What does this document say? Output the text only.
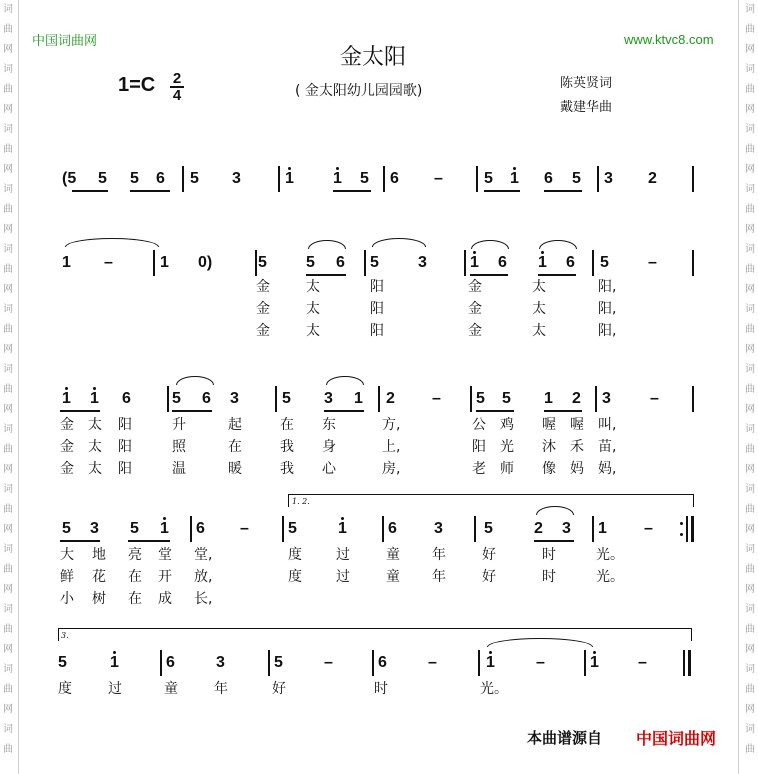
词
曲
网
词
曲
网
词
曲
网
词
曲
网
词
曲
网
词
曲
网
词
曲
网
词
曲
网
词
曲
网
词
曲
网
词
曲
网
词
曲
网
词
曲
词
曲
网
词
曲
网
词
曲
网
词
曲
网
词
曲
网
词
曲
网
词
曲
网
词
曲
网
词
曲
网
词
曲
网
词
曲
网
词
曲
网
词
曲
中国词曲网	www.ktvc8.com
金太阳
( 金太阳幼儿园园歌)	陈英贤词
戴建华曲
1=C 2
4
(5 5 5 6 5 3	1 1 5 6 –	5 1 6 5 3 2
1 –	1 0)	5 5 6 5 3	1 6 1 6 5 –
金	太	阳	金	太	阳,
金	太	阳	金	太	阳,
金	太	阳	金	太	阳,
1 1 6	5 6 3	5 3 1 2 – 5 5 1 2 3 –
金 太 阳	升	起	在 东	方,	公 鸡 喔 喔 叫,
金 太 阳	照	在	我 身	上,	阳 光 沐 禾 苗,
金 太 阳	温	暖	我 心	房,	老 师 像 妈 妈,
1. 2.
5 3 5 1 6 – 5	1	6 3	5	2 3 1 –
大 地 亮 堂 堂,	度 过	童 年	好	时	光。
鲜 花 在 开 放,	度 过	童 年	好	时	光。
小 树 在 成 长,
3.
5	1	6	3	5	–	6	–	1	–	1 –
度	过	童	年	好	时	光。
本曲谱源自 中国词曲网
